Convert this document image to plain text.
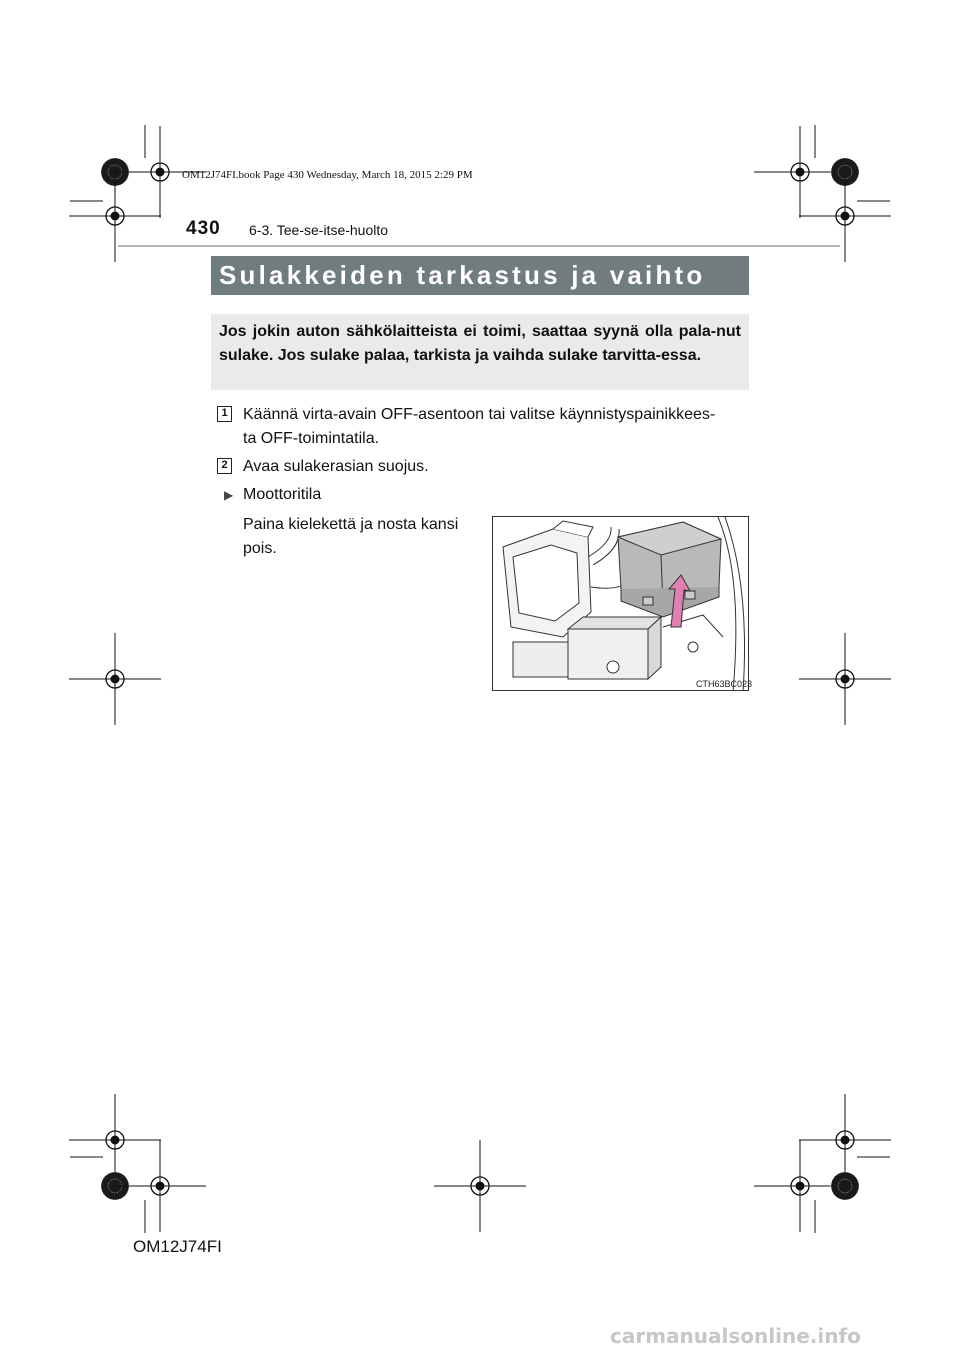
OM12J74FI.book Page 430 Wednesday, March 18, 2015 2:29 PM
430 6-3. Tee-se-itse-huolto
Sulakkeiden tarkastus ja vaihto
Jos jokin auton sähkölaitteista ei toimi, saattaa syynä olla pala-nut sulake. Jos sulake palaa, tarkista ja vaihda sulake tarvitta-essa.
1 Käännä virta-avain OFF-asentoon tai valitse käynnistyspainikkees-
ta OFF-toimintatila.
2 Avaa sulakerasian suojus.
▶ Moottoritila
Paina kielekettä ja nosta kansi
pois.
CTH63BC023
OM12J74FI
carmanualsonline.info
